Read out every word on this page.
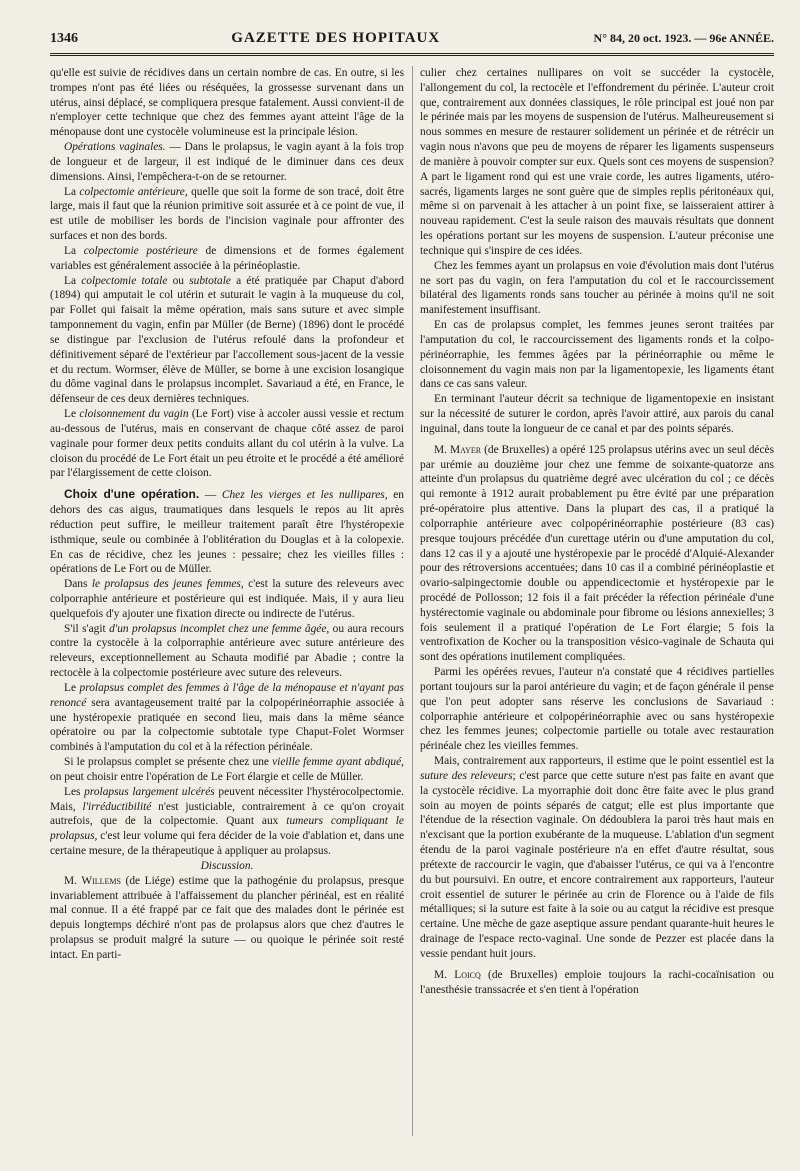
1346	GAZETTE DES HOPITAUX	N° 84, 20 oct. 1923. — 96e ANNÉE.

qu'elle est suivie de récidives dans un certain nombre de cas. En outre, si les trompes n'ont pas été liées ou réséquées, la grossesse survenant dans un utérus, ainsi déplacé, se compliquera presque fatalement. Aussi convient-il de n'employer cette technique que chez des femmes ayant atteint l'âge de la ménopause dont une cystocèle volumineuse est la principale lésion.

Opérations vaginales. — Dans le prolapsus, le vagin ayant à la fois trop de longueur et de largeur, il est indiqué de le diminuer dans ces deux dimensions. Ainsi, l'empêchera-t-on de se retourner.

La colpectomie antérieure, quelle que soit la forme de son tracé, doit être large, mais il faut que la réunion primitive soit assurée et à ce point de vue, il est utile de mobiliser les bords de l'incision vaginale pour affronter des surfaces et non des bords.

La colpectomie postérieure de dimensions et de formes également variables est généralement associée à la périnéoplastie.

La colpectomie totale ou subtotale a été pratiquée par Chaput d'abord (1894) qui amputait le col utérin et suturait le vagin à la muqueuse du col, par Follet qui faisait la même opération, mais sans suture et avec simple tamponnement du vagin, enfin par Müller (de Berne) (1896) dont le procédé se distingue par l'exclusion de l'utérus refoulé dans la profondeur et définitivement séparé de l'extérieur par l'accollement sous-jacent de la vessie et du rectum. Wormser, élève de Müller, se borne à une excision losangique du dôme vaginal dans le prolapsus incomplet. Savariaud a été, en France, le défenseur de ces deux dernières techniques.

Le cloisonnement du vagin (Le Fort) vise à accoler aussi vessie et rectum au-dessous de l'utérus, mais en conservant de chaque côté assez de paroi vaginale pour former deux petits conduits allant du col utérin à la vulve. La cloison du procédé de Le Fort était un peu étroite et le procédé a été amélioré par l'élargissement de cette cloison.

Choix d'une opération. — Chez les vierges et les nullipares, en dehors des cas aigus, traumatiques dans lesquels le repos au lit après réduction peut suffire, le meilleur traitement paraît être l'hystéropexie isthmique, seule ou combinée à l'oblitération du Douglas et à la colopexie. En cas de récidive, chez les jeunes : pessaire; chez les vieilles filles : opérations de Le Fort ou de Müller.

Dans le prolapsus des jeunes femmes, c'est la suture des releveurs avec colporraphie antérieure et postérieure qui est indiquée. Mais, il y aura lieu quelquefois d'y ajouter une fixation directe ou indirecte de l'utérus.

S'il s'agit d'un prolapsus incomplet chez une femme âgée, ou aura recours contre la cystocèle à la colporraphie antérieure avec suture antérieure des releveurs, exceptionnellement au Schauta modifié par Abadie ; contre la rectocèle à la colpectomie postérieure avec suture des releveurs.

Le prolapsus complet des femmes à l'âge de la ménopause et n'ayant pas renoncé sera avantageusement traité par la colpopérinéorraphie associée à une hystéropexie pratiquée en second lieu, mais dans la même séance opératoire ou par la colpectomie subtotale type Chaput-Folet Wormser combinés à l'amputation du col et à la réfection périnéale.

Si le prolapsus complet se présente chez une vieille femme ayant abdiqué, on peut choisir entre l'opération de Le Fort élargie et celle de Müller.

Les prolapsus largement ulcérés peuvent nécessiter l'hystérocolpectomie. Mais, l'irréductibilité n'est justiciable, contrairement à ce qu'on croyait autrefois, que de la colpectomie. Quant aux tumeurs compliquant le prolapsus, c'est leur volume qui fera décider de la voie d'ablation et, dans une certaine mesure, de la thérapeutique à appliquer au prolapsus.

Discussion.

M. Willems (de Liége) estime que la pathogénie du prolapsus, presque invariablement attribuée à l'affaissement du plancher périnéal, est en réalité mal connue. Il a été frappé par ce fait que des malades dont le périnée est depuis longtemps déchiré n'ont pas de prolapsus alors que chez d'autres le prolapsus se produit malgré la suture — ou quoique le périnée soit resté intact. En parti-

culier chez certaines nullipares on voit se succéder la cystocèle, l'allongement du col, la rectocèle et l'effondrement du périnée. L'auteur croit que, contrairement aux données classiques, le rôle principal est joué non par le périnée mais par les moyens de suspension de l'utérus. Malheureusement si nous sommes en mesure de restaurer solidement un périnée et de rétrécir un vagin nous n'avons que peu de moyens de réparer les ligaments suspenseurs de manière à pouvoir compter sur eux. Quels sont ces moyens de suspension? A part le ligament rond qui est une vraie corde, les autres ligaments, utéro-sacrés, ligaments larges ne sont guère que de simples replis péritonéaux qui, même si on parvenait à les attacher à un point fixe, se laisseraient attirer à nouveau rapidement. C'est la seule raison des mauvais résultats que donnent les opérations portant sur les moyens de suspension. L'auteur préconise une technique qui s'inspire de ces idées.

Chez les femmes ayant un prolapsus en voie d'évolution mais dont l'utérus ne sort pas du vagin, on fera l'amputation du col et le raccourcissement bilatéral des ligaments ronds sans toucher au périnée à moins qu'il ne soit manifestement insuffisant.

En cas de prolapsus complet, les femmes jeunes seront traitées par l'amputation du col, le raccourcissement des ligaments ronds et la colpo-périnéorraphie, les femmes âgées par la périnéorraphie ou même le cloisonnement du vagin mais non par la ligamentopexie, les ligaments étant dans ce cas sans valeur.

En terminant l'auteur décrit sa technique de ligamentopexie en insistant sur la nécessité de suturer le cordon, après l'avoir attiré, aux parois du canal inguinal, dans toute la longueur de ce canal et par des points séparés.

M. Mayer (de Bruxelles) a opéré 125 prolapsus utérins avec un seul décès par urémie au douzième jour chez une femme de soixante-quatorze ans atteinte d'un prolapsus du quatrième degré avec ulcération du col ; ce décès qui remonte à 1912 aurait probablement pu être évité par une préparation pré-opératoire plus attentive. Dans la plupart des cas, il a pratiqué la colporraphie antérieure avec colpopérinéorraphie postérieure (83 cas) presque toujours précédée d'un curettage utérin ou d'une amputation du col, dans 12 cas il y a ajouté une hystéropexie par le procédé d'Alquié-Alexander pour des rétroversions accentuées; dans 10 cas il a combiné périnéoplastie et ovario-salpingectomie double ou appendicectomie et hystéropexie par le procédé de Pollosson; 12 fois il a fait précéder la réfection périnéale d'une hystérectomie vaginale ou abdominale pour fibrome ou lésions annexielles; 3 fois seulement il a pratiqué l'opération de Le Fort élargie; 5 fois la ventrofixation de Kocher ou la transposition vésico-vaginale de Schauta qui sont des opérations inutilement compliquées.

Parmi les opérées revues, l'auteur n'a constaté que 4 récidives partielles portant toujours sur la paroi antérieure du vagin; et de façon générale il pense que l'on peut adopter sans réserve les conclusions de Savariaud : colporraphie antérieure et colpopérinéorraphie avec ou sans hystéropexie chez les femmes jeunes; colpectomie partielle ou totale avec restauration périnéale chez les vieilles femmes.

Mais, contrairement aux rapporteurs, il estime que le point essentiel est la suture des releveurs; c'est parce que cette suture n'est pas faite en avant que la cystocèle récidive. La myorraphie doit donc être faite avec le plus grand soin au moyen de points séparés de catgut; elle est plus importante que l'étendue de la résection vaginale. On dédoublera la paroi très haut mais en n'excisant que la portion exubérante de la muqueuse. L'ablation d'un segment étendu de la paroi vaginale postérieure n'a en effet d'autre résultat, sous prétexte de raccourcir le vagin, que d'abaisser l'utérus, ce qui va à l'encontre du but poursuivi. En outre, et encore contrairement aux rapporteurs, l'auteur croit essentiel de suturer le périnée au crin de Florence ou à l'aide de fils métalliques; si la suture est faite à la soie ou au catgut la récidive est presque certaine. Une mèche de gaze aseptique assure pendant quarante-huit heures le drainage de l'espace recto-vaginal. Une sonde de Pezzer est placée dans la vessie pendant huit jours.

M. Loicq (de Bruxelles) emploie toujours la rachi-cocaïnisation ou l'anesthésie transsacrée et s'en tient à l'opération
